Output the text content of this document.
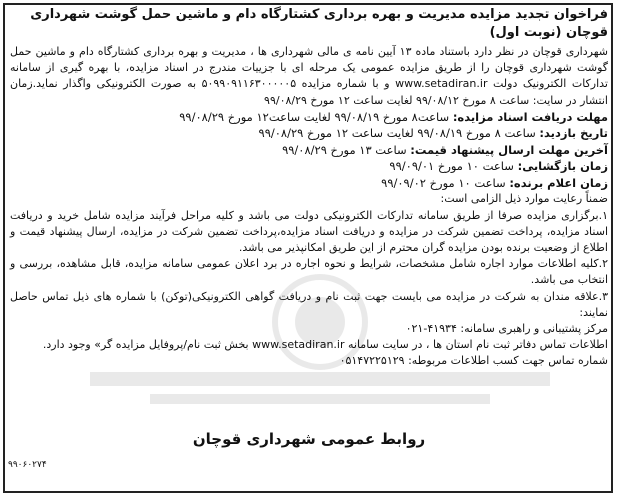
فراخوان تجدید مزایده مدیریت و بهره برداری کشتارگاه دام و ماشین حمل گوشت شهرداری قوچان (نوبت اول)

شهرداری قوچان در نظر دارد باستناد ماده ۱۳ آیین نامه ی مالی شهرداری ها ، مدیریت و بهره برداری کشتارگاه دام و ماشین حمل گوشت شهرداری قوچان را از طریق مزایده عمومی یک مرحله ای با جزییات مندرج در اسناد مزایده، با بهره گیری از سامانه تدارکات الکترونیک دولت www.setadiran.ir و با شماره مزایده ۵۰۹۹۰۹۱۱۶۳۰۰۰۰۰۵ به صورت الکترونیکی واگذار نماید.زمان انتشار در سایت: ساعت ۸ مورخ ۹۹/۰۸/۱۲ لغایت ساعت ۱۲ مورخ ۹۹/۰۸/۲۹

مهلت دریافت اسناد مزایده: ساعت۸ مورخ ۹۹/۰۸/۱۹ لغایت ساعت۱۲ مورخ ۹۹/۰۸/۲۹
تاریخ بازدید: ساعت ۸ مورخ ۹۹/۰۸/۱۹ لغایت ساعت ۱۲ مورخ ۹۹/۰۸/۲۹
آخرین مهلت ارسال پیشنهاد قیمت: ساعت ۱۳ مورخ ۹۹/۰۸/۲۹
زمان بازگشایی: ساعت ۱۰ مورخ ۹۹/۰۹/۰۱
زمان اعلام برنده: ساعت ۱۰ مورخ ۹۹/۰۹/۰۲

ضمناً رعایت موارد ذیل الزامی است:

۱.برگزاری مزایده صرفا از طریق سامانه تدارکات الکترونیکی دولت می باشد و کلیه مراحل فرآیند مزایده شامل خرید و دریافت اسناد مزایده، پرداخت تضمین شرکت در مزایده و دریافت اسناد مزایده،پرداخت تضمین شرکت در مزایده، ارسال پیشنهاد قیمت و اطلاع از وضعیت برنده بودن مزایده گران محترم از این طریق امکانپذیر می باشد.

۲.کلیه اطلاعات موارد اجاره شامل مشخصات، شرایط و نحوه اجاره در برد اعلان عمومی سامانه مزایده، قابل مشاهده، بررسی و انتخاب می باشد.

۳.علاقه مندان به شرکت در مزایده می بایست جهت ثبت نام و دریافت گواهی الکترونیکی(توکن) با شماره های ذیل تماس حاصل نمایند:

مرکز پشتیبانی و راهبری سامانه: ۴۱۹۳۴-۰۲۱

اطلاعات تماس دفاتر ثبت نام استان ها ، در سایت سامانه www.setadiran.ir بخش ثبت نام/پروفایل مزایده گر» وجود دارد.

شماره تماس جهت کسب اطلاعات مربوطه: ۰۵۱۴۷۲۲۵۱۲۹

روابط عمومی شهرداری قوچان
۹۹۰۶۰۲۷۴
